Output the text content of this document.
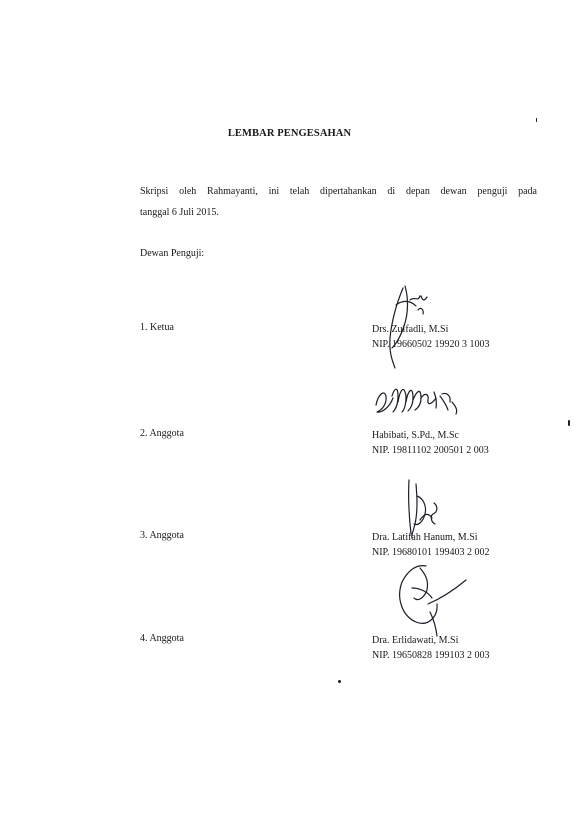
LEMBAR PENGESAHAN
Skripsi oleh Rahmayanti, ini telah dipertahankan di depan dewan penguji pada
tanggal 6 Juli 2015.
Dewan Penguji:
1. Ketua	Drs. Zulfadli, M.Si
NIP. 19660502 19920 3 1003
2. Anggota	Habibati, S.Pd., M.Sc
NIP. 19811102 200501 2 003
3. Anggota	Dra. Latifah Hanum, M.Si
NIP. 19680101 199403 2 002
4. Anggota	Dra. Erlidawati, M.Si
NIP. 19650828 199103 2 003
